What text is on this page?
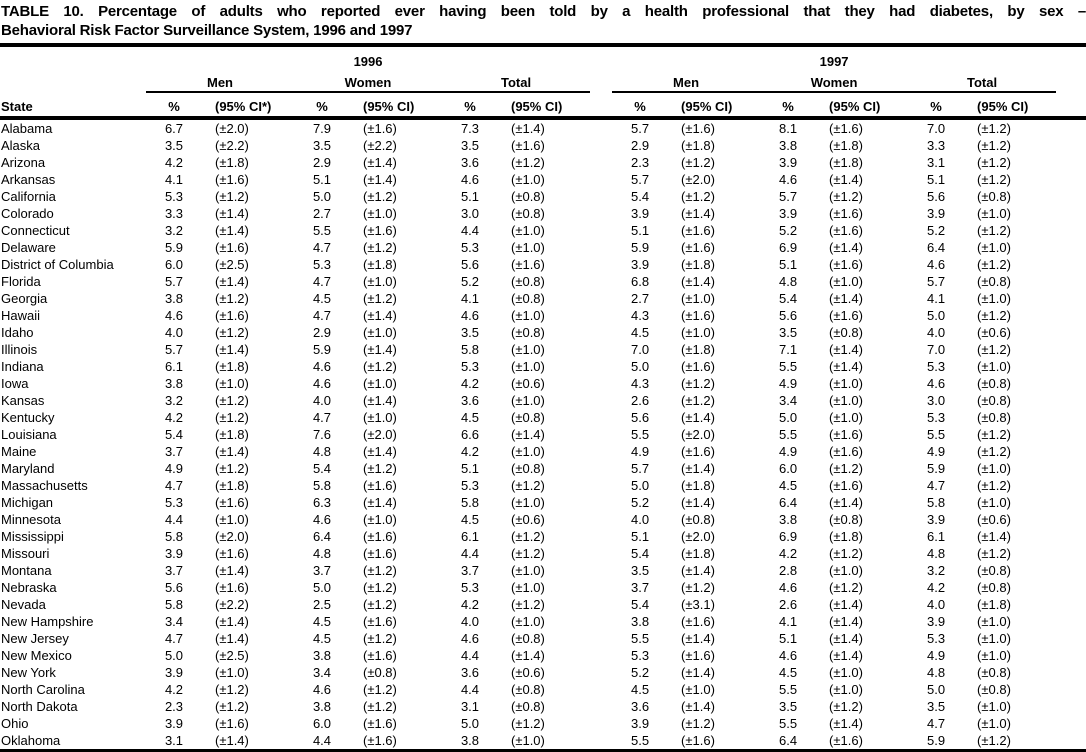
TABLE 10. Percentage of adults who reported ever having been told by a health professional that they had diabetes, by sex –
Behavioral Risk Factor Surveillance System, 1996 and 1997
State	1996							1997						
	Men		Women		Total			Men		Women		Total		
	%	(95% CI*)	%	(95% CI)	%	(95% CI)		%	(95% CI)	%	(95% CI)	%	(95% CI)	
Alabama	6.7	(±2.0)	7.9	(±1.6)	7.3	(±1.4)		5.7	(±1.6)	8.1	(±1.6)	7.0	(±1.2)	
Alaska	3.5	(±2.2)	3.5	(±2.2)	3.5	(±1.6)		2.9	(±1.8)	3.8	(±1.8)	3.3	(±1.2)	
Arizona	4.2	(±1.8)	2.9	(±1.4)	3.6	(±1.2)		2.3	(±1.2)	3.9	(±1.8)	3.1	(±1.2)	
Arkansas	4.1	(±1.6)	5.1	(±1.4)	4.6	(±1.0)		5.7	(±2.0)	4.6	(±1.4)	5.1	(±1.2)	
California	5.3	(±1.2)	5.0	(±1.2)	5.1	(±0.8)		5.4	(±1.2)	5.7	(±1.2)	5.6	(±0.8)	
Colorado	3.3	(±1.4)	2.7	(±1.0)	3.0	(±0.8)		3.9	(±1.4)	3.9	(±1.6)	3.9	(±1.0)	
Connecticut	3.2	(±1.4)	5.5	(±1.6)	4.4	(±1.0)		5.1	(±1.6)	5.2	(±1.6)	5.2	(±1.2)	
Delaware	5.9	(±1.6)	4.7	(±1.2)	5.3	(±1.0)		5.9	(±1.6)	6.9	(±1.4)	6.4	(±1.0)	
District of Columbia	6.0	(±2.5)	5.3	(±1.8)	5.6	(±1.6)		3.9	(±1.8)	5.1	(±1.6)	4.6	(±1.2)	
Florida	5.7	(±1.4)	4.7	(±1.0)	5.2	(±0.8)		6.8	(±1.4)	4.8	(±1.0)	5.7	(±0.8)	
Georgia	3.8	(±1.2)	4.5	(±1.2)	4.1	(±0.8)		2.7	(±1.0)	5.4	(±1.4)	4.1	(±1.0)	
Hawaii	4.6	(±1.6)	4.7	(±1.4)	4.6	(±1.0)		4.3	(±1.6)	5.6	(±1.6)	5.0	(±1.2)	
Idaho	4.0	(±1.2)	2.9	(±1.0)	3.5	(±0.8)		4.5	(±1.0)	3.5	(±0.8)	4.0	(±0.6)	
Illinois	5.7	(±1.4)	5.9	(±1.4)	5.8	(±1.0)		7.0	(±1.8)	7.1	(±1.4)	7.0	(±1.2)	
Indiana	6.1	(±1.8)	4.6	(±1.2)	5.3	(±1.0)		5.0	(±1.6)	5.5	(±1.4)	5.3	(±1.0)	
Iowa	3.8	(±1.0)	4.6	(±1.0)	4.2	(±0.6)		4.3	(±1.2)	4.9	(±1.0)	4.6	(±0.8)	
Kansas	3.2	(±1.2)	4.0	(±1.4)	3.6	(±1.0)		2.6	(±1.2)	3.4	(±1.0)	3.0	(±0.8)	
Kentucky	4.2	(±1.2)	4.7	(±1.0)	4.5	(±0.8)		5.6	(±1.4)	5.0	(±1.0)	5.3	(±0.8)	
Louisiana	5.4	(±1.8)	7.6	(±2.0)	6.6	(±1.4)		5.5	(±2.0)	5.5	(±1.6)	5.5	(±1.2)	
Maine	3.7	(±1.4)	4.8	(±1.4)	4.2	(±1.0)		4.9	(±1.6)	4.9	(±1.6)	4.9	(±1.2)	
Maryland	4.9	(±1.2)	5.4	(±1.2)	5.1	(±0.8)		5.7	(±1.4)	6.0	(±1.2)	5.9	(±1.0)	
Massachusetts	4.7	(±1.8)	5.8	(±1.6)	5.3	(±1.2)		5.0	(±1.8)	4.5	(±1.6)	4.7	(±1.2)	
Michigan	5.3	(±1.6)	6.3	(±1.4)	5.8	(±1.0)		5.2	(±1.4)	6.4	(±1.4)	5.8	(±1.0)	
Minnesota	4.4	(±1.0)	4.6	(±1.0)	4.5	(±0.6)		4.0	(±0.8)	3.8	(±0.8)	3.9	(±0.6)	
Mississippi	5.8	(±2.0)	6.4	(±1.6)	6.1	(±1.2)		5.1	(±2.0)	6.9	(±1.8)	6.1	(±1.4)	
Missouri	3.9	(±1.6)	4.8	(±1.6)	4.4	(±1.2)		5.4	(±1.8)	4.2	(±1.2)	4.8	(±1.2)	
Montana	3.7	(±1.4)	3.7	(±1.2)	3.7	(±1.0)		3.5	(±1.4)	2.8	(±1.0)	3.2	(±0.8)	
Nebraska	5.6	(±1.6)	5.0	(±1.2)	5.3	(±1.0)		3.7	(±1.2)	4.6	(±1.2)	4.2	(±0.8)	
Nevada	5.8	(±2.2)	2.5	(±1.2)	4.2	(±1.2)		5.4	(±3.1)	2.6	(±1.4)	4.0	(±1.8)	
New Hampshire	3.4	(±1.4)	4.5	(±1.6)	4.0	(±1.0)		3.8	(±1.6)	4.1	(±1.4)	3.9	(±1.0)	
New Jersey	4.7	(±1.4)	4.5	(±1.2)	4.6	(±0.8)		5.5	(±1.4)	5.1	(±1.4)	5.3	(±1.0)	
New Mexico	5.0	(±2.5)	3.8	(±1.6)	4.4	(±1.4)		5.3	(±1.6)	4.6	(±1.4)	4.9	(±1.0)	
New York	3.9	(±1.0)	3.4	(±0.8)	3.6	(±0.6)		5.2	(±1.4)	4.5	(±1.0)	4.8	(±0.8)	
North Carolina	4.2	(±1.2)	4.6	(±1.2)	4.4	(±0.8)		4.5	(±1.0)	5.5	(±1.0)	5.0	(±0.8)	
North Dakota	2.3	(±1.2)	3.8	(±1.2)	3.1	(±0.8)		3.6	(±1.4)	3.5	(±1.2)	3.5	(±1.0)	
Ohio	3.9	(±1.6)	6.0	(±1.6)	5.0	(±1.2)		3.9	(±1.2)	5.5	(±1.4)	4.7	(±1.0)	
Oklahoma	3.1	(±1.4)	4.4	(±1.6)	3.8	(±1.0)		5.5	(±1.6)	6.4	(±1.6)	5.9	(±1.2)	
